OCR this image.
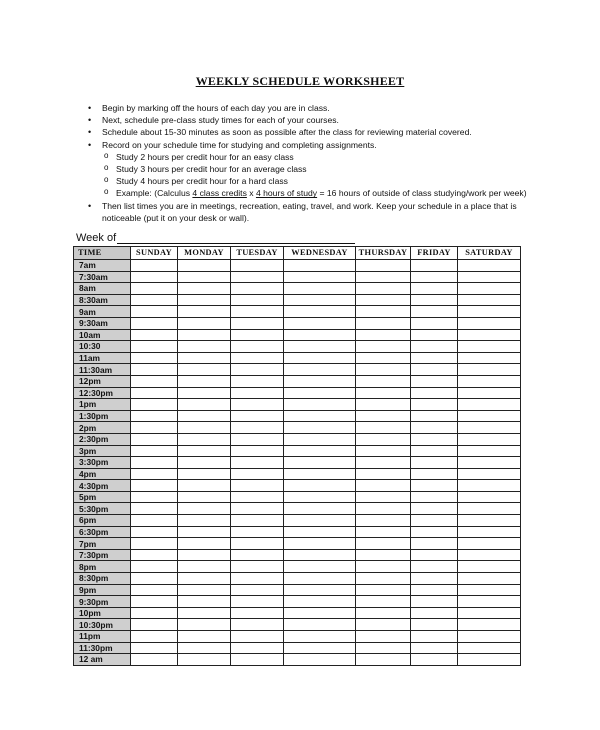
WEEKLY SCHEDULE WORKSHEET
• Begin by marking off the hours of each day you are in class.
• Next, schedule pre-class study times for each of your courses.
• Schedule about 15-30 minutes as soon as possible after the class for reviewing material covered.
• Record on your schedule time for studying and completing assignments.
o Study 2 hours per credit hour for an easy class
o Study 3 hours per credit hour for an average class
o Study 4 hours per credit hour for a hard class
o Example: (Calculus 4 class credits x 4 hours of study = 16 hours of outside of class studying/work per week)
• Then list times you are in meetings, recreation, eating, travel, and work. Keep your schedule in a place that is noticeable (put it on your desk or wall).
Week of
TIME	SUNDAY	MONDAY	TUESDAY	WEDNESDAY	THURSDAY	FRIDAY	SATURDAY
7am							
7:30am							
8am							
8:30am							
9am							
9:30am							
10am							
10:30							
11am							
11:30am							
12pm							
12:30pm							
1pm							
1:30pm							
2pm							
2:30pm							
3pm							
3:30pm							
4pm							
4:30pm							
5pm							
5:30pm							
6pm							
6:30pm							
7pm							
7:30pm							
8pm							
8:30pm							
9pm							
9:30pm							
10pm							
10:30pm							
11pm							
11:30pm							
12 am							
